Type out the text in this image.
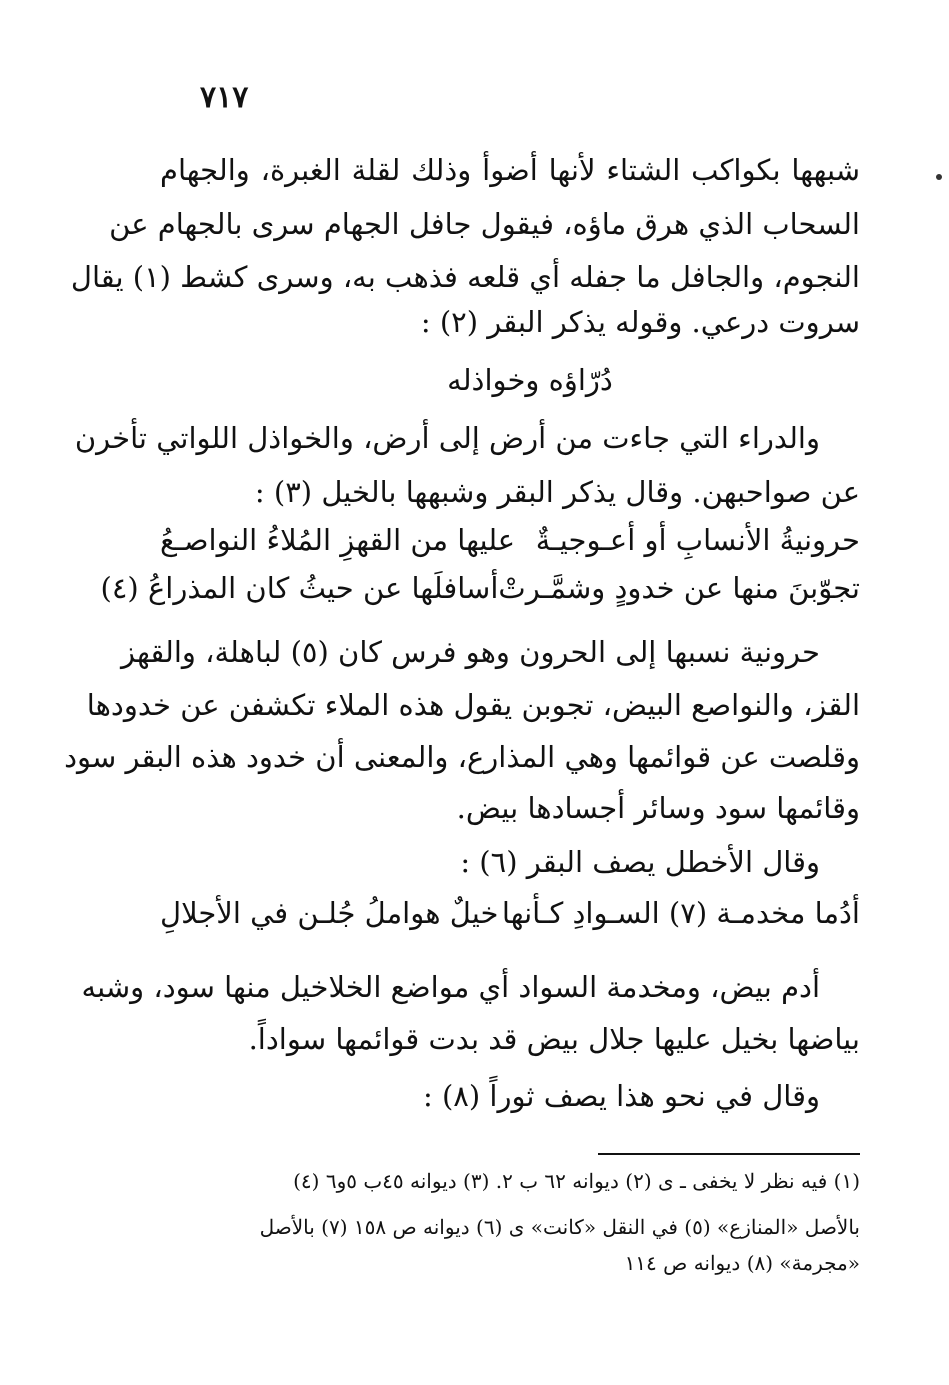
٧١٧
شبهها بكواكب الشتاء لأنها أضوأ وذلك لقلة الغبرة، والجهام
السحاب الذي هرق ماؤه، فيقول جافل الجهام سرى بالجهام عن
النجوم، والجافل ما جفله أي قلعه فذهب به، وسرى كشط (١) يقال
سروت درعي. وقوله يذكر البقر (٢) :
دُرّاؤه وخواذله
والدراء التي جاءت من أرض إلى أرض، والخواذل اللواتي تأخرن
عن صواحبهن. وقال يذكر البقر وشبهها بالخيل (٣) :
حرونيةُ الأنسابِ أو أعـوجيـةٌ
عليها من القهزِ المُلاءُ النواصـعُ
تجوّبنَ منها عن خدودٍ وشمَّـرتْ
أسافلَها عن حيثُ كان المذراعُ (٤)
حرونية نسبها إلى الحرون وهو فرس كان (٥) لباهلة، والقهز
القز، والنواصع البيض، تجوبن يقول هذه الملاء تكشفن عن خدودها
وقلصت عن قوائمها وهي المذارع، والمعنى أن خدود هذه البقر سود
وقائمها سود وسائر أجسادها بيض.
وقال الأخطل يصف البقر (٦) :
أدُما مخدمـة (٧) السـوادِ كـأنها
خيلٌ هواملُ جُلـن في الأجلالِ
أدم بيض، ومخدمة السواد أي مواضع الخلاخيل منها سود، وشبه
بياضها بخيل عليها جلال بيض قد بدت قوائمها سواداً.
وقال في نحو هذا يصف ثوراً (٨) :
(١) فيه نظر لا يخفى ـ ى (٢) ديوانه ٦٢ ب ٢. (٣) ديوانه ٤٥ب ٥و٦ (٤)
بالأصل «المنازع» (٥) في النقل «كانت» ى (٦) ديوانه ص ١٥٨ (٧) بالأصل
«مجرمة» (٨) ديوانه ص ١١٤
